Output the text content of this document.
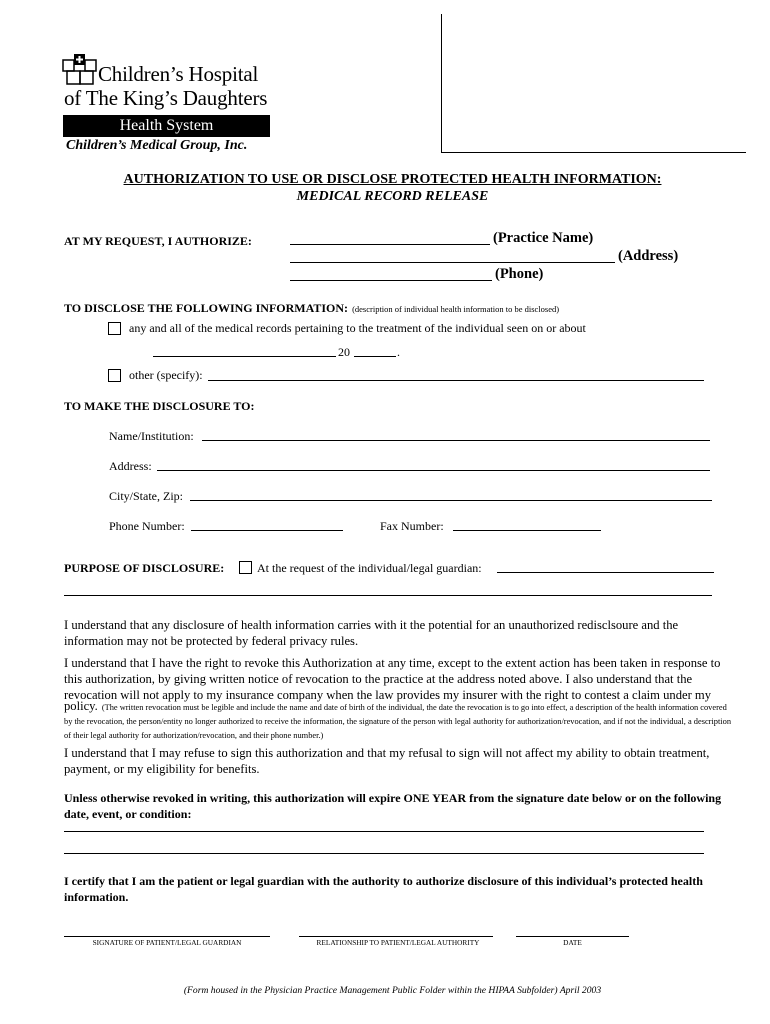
Children’s Hospital
of The King’s Daughters
Health System
Children’s Medical Group, Inc.
AUTHORIZATION TO USE OR DISCLOSE PROTECTED HEALTH INFORMATION:
MEDICAL RECORD RELEASE
AT MY REQUEST, I AUTHORIZE:	(Practice Name)
(Address)
(Phone)
TO DISCLOSE THE FOLLOWING INFORMATION: (description of individual health information to be disclosed)
any and all of the medical records pertaining to the treatment of the individual seen on or about
20	.
other (specify):
TO MAKE THE DISCLOSURE TO:
Name/Institution:
Address:
City/State, Zip:
Phone Number:	Fax Number:
PURPOSE OF DISCLOSURE:	At the request of the individual/legal guardian:
I understand that any disclosure of health information carries with it the potential for an unauthorized redisclsoure and the information may not be protected by federal privacy rules.
I understand that I have the right to revoke this Authorization at any time, except to the extent action has been taken in response to this authorization, by giving written notice of revocation to the practice at the address noted above. I also understand that the revocation will not apply to my insurance company when the law provides my insurer with the right to contest a claim under my
policy. (The written revocation must be legible and include the name and date of birth of the individual, the date the revocation is to go into effect, a description of the health information covered by the revocation, the person/entity no longer authorized to receive the information, the signature of the person with legal authority for authorization/revocation, and if not the individual, a description of their legal authority for authorization/revocation, and their phone number.)
I understand that I may refuse to sign this authorization and that my refusal to sign will not affect my ability to obtain treatment, payment, or my eligibility for benefits.
Unless otherwise revoked in writing, this authorization will expire ONE YEAR from the signature date below or on the following date, event, or condition:
I certify that I am the patient or legal guardian with the authority to authorize disclosure of this individual’s protected health information.
SIGNATURE OF PATIENT/LEGAL GUARDIAN	RELATIONSHIP TO PATIENT/LEGAL AUTHORITY	DATE
(Form housed in the Physician Practice Management Public Folder within the HIPAA Subfolder) April 2003
